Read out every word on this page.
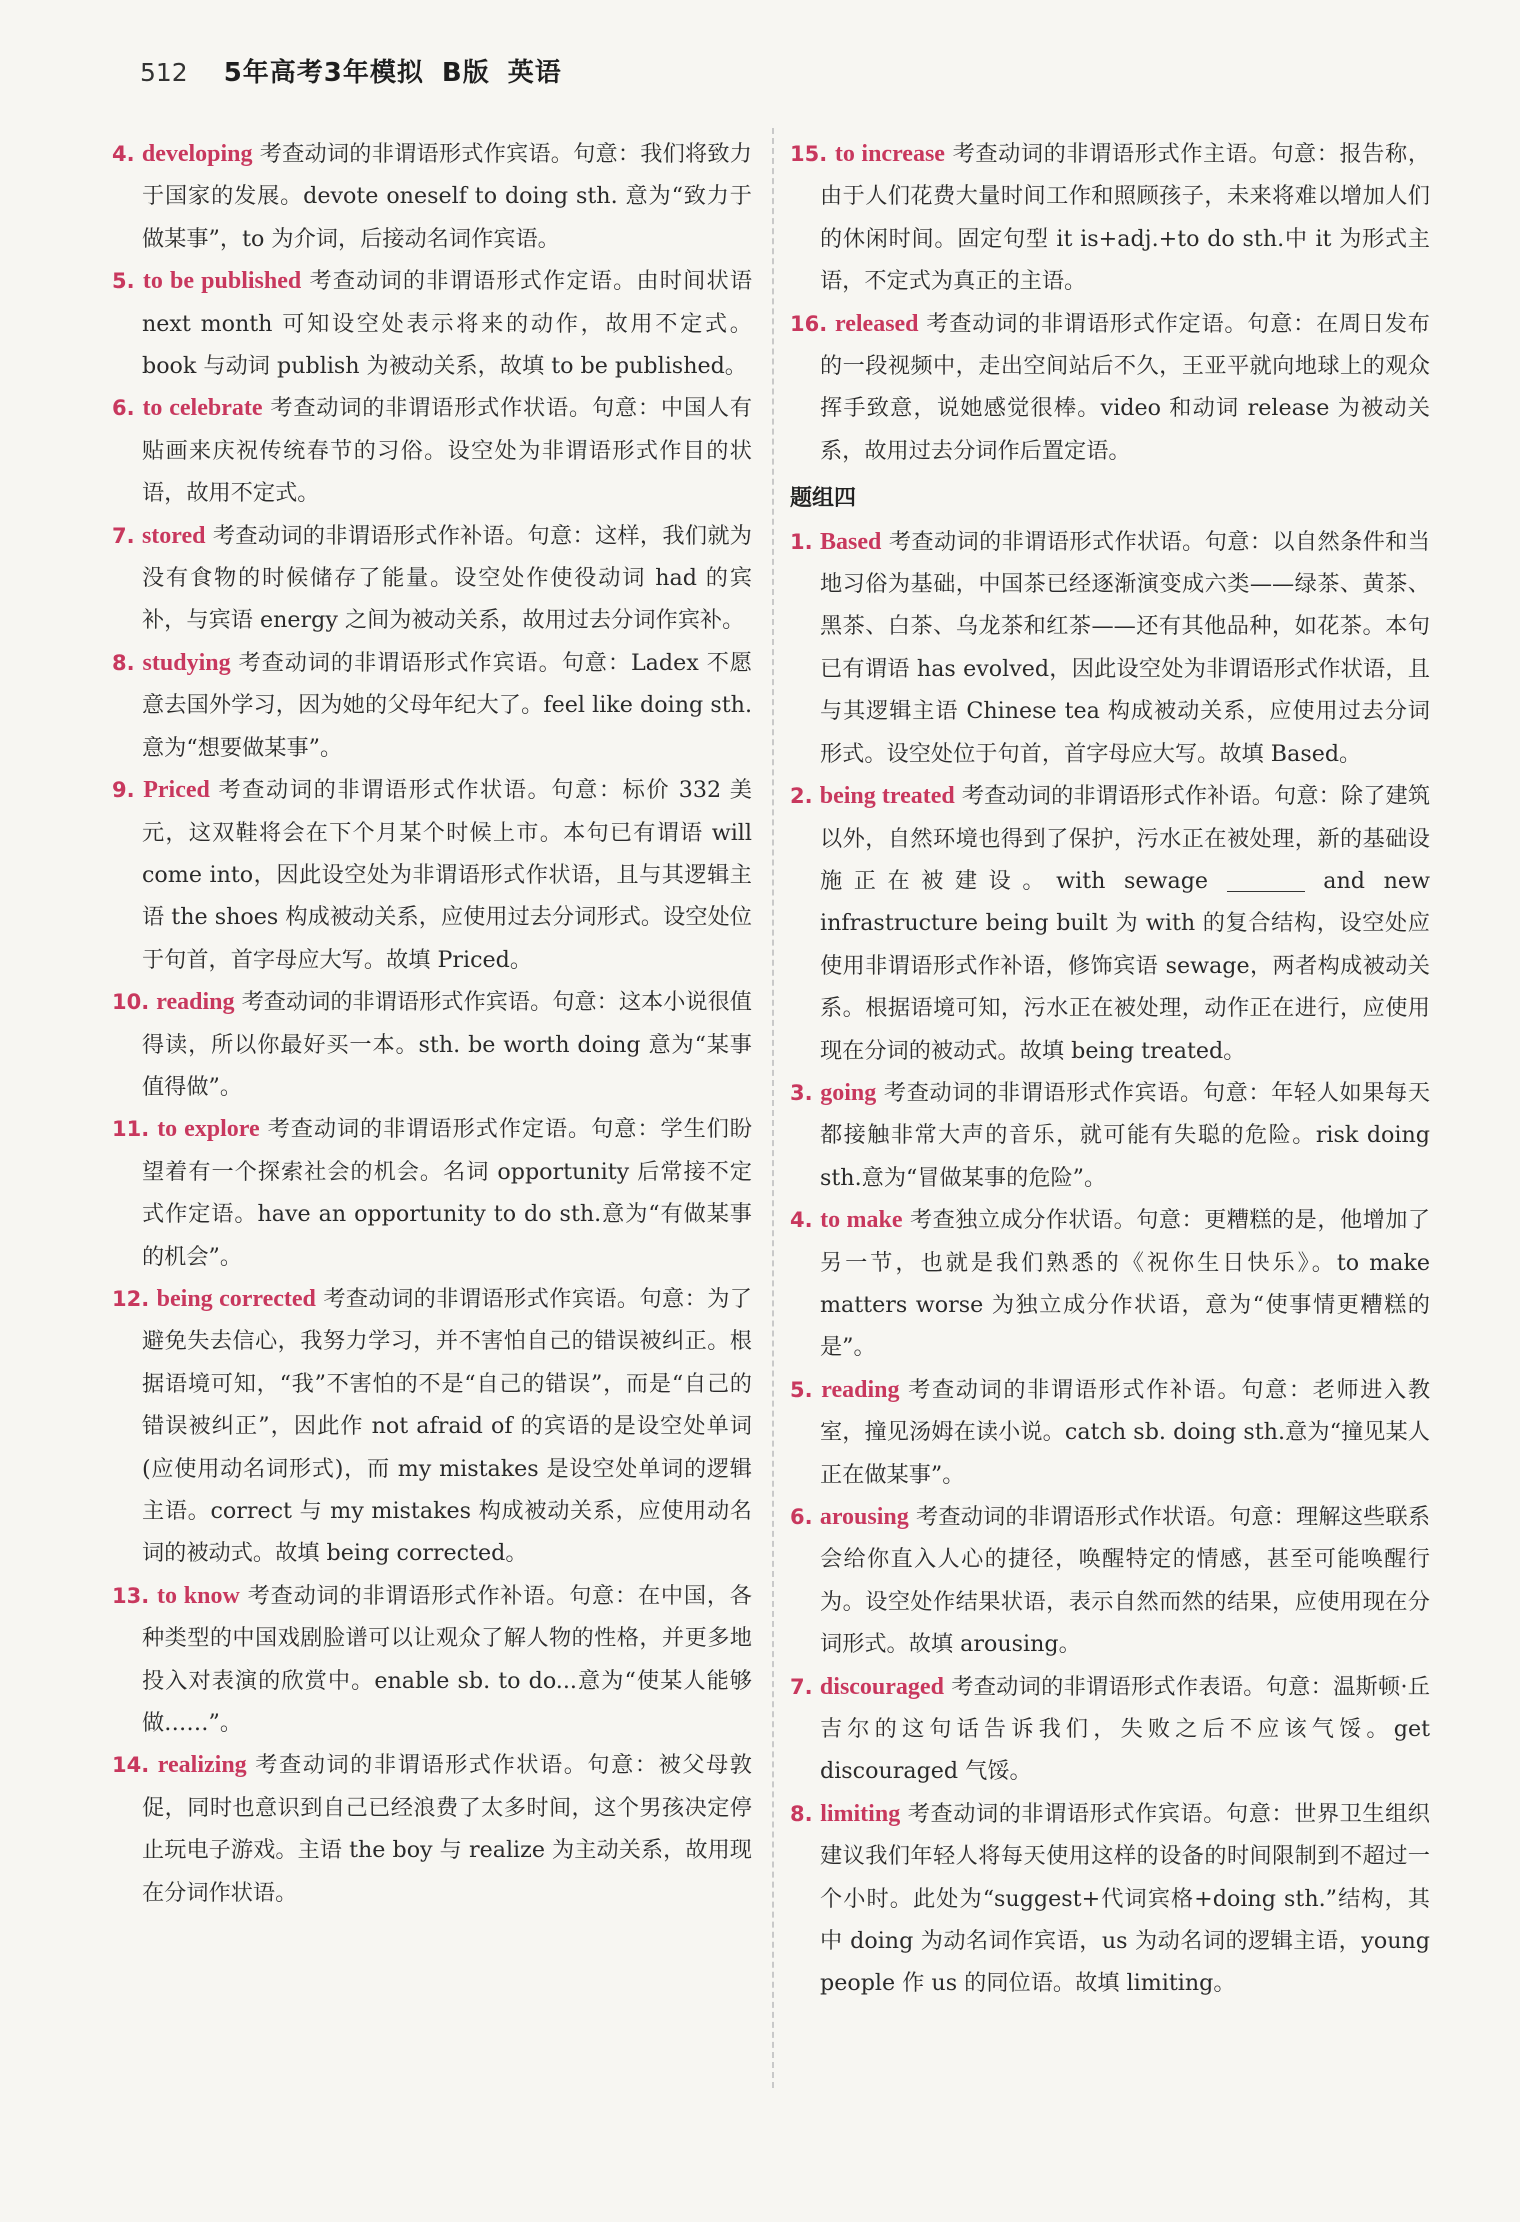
512 5年高考3年模拟 B版 英语

4. developing 考查动词的非谓语形式作宾语。句意：我们将致力于国家的发展。devote oneself to doing sth. 意为“致力于做某事”，to 为介词，后接动名词作宾语。

5. to be published 考查动词的非谓语形式作定语。由时间状语 next month 可知设空处表示将来的动作，故用不定式。book 与动词 publish 为被动关系，故填 to be published。

6. to celebrate 考查动词的非谓语形式作状语。句意：中国人有贴画来庆祝传统春节的习俗。设空处为非谓语形式作目的状语，故用不定式。

7. stored 考查动词的非谓语形式作补语。句意：这样，我们就为没有食物的时候储存了能量。设空处作使役动词 had 的宾补，与宾语 energy 之间为被动关系，故用过去分词作宾补。

8. studying 考查动词的非谓语形式作宾语。句意：Ladex 不愿意去国外学习，因为她的父母年纪大了。feel like doing sth.意为“想要做某事”。

9. Priced 考查动词的非谓语形式作状语。句意：标价 332 美元，这双鞋将会在下个月某个时候上市。本句已有谓语 will come into，因此设空处为非谓语形式作状语，且与其逻辑主语 the shoes 构成被动关系，应使用过去分词形式。设空处位于句首，首字母应大写。故填 Priced。

10. reading 考查动词的非谓语形式作宾语。句意：这本小说很值得读，所以你最好买一本。sth. be worth doing 意为“某事值得做”。

11. to explore 考查动词的非谓语形式作定语。句意：学生们盼望着有一个探索社会的机会。名词 opportunity 后常接不定式作定语。have an opportunity to do sth.意为“有做某事的机会”。

12. being corrected 考查动词的非谓语形式作宾语。句意：为了避免失去信心，我努力学习，并不害怕自己的错误被纠正。根据语境可知，“我”不害怕的不是“自己的错误”，而是“自己的错误被纠正”，因此作 not afraid of 的宾语的是设空处单词(应使用动名词形式)，而 my mistakes 是设空处单词的逻辑主语。correct 与 my mistakes 构成被动关系，应使用动名词的被动式。故填 being corrected。

13. to know 考查动词的非谓语形式作补语。句意：在中国，各种类型的中国戏剧脸谱可以让观众了解人物的性格，并更多地投入对表演的欣赏中。enable sb. to do...意为“使某人能够做……”。

14. realizing 考查动词的非谓语形式作状语。句意：被父母敦促，同时也意识到自己已经浪费了太多时间，这个男孩决定停止玩电子游戏。主语 the boy 与 realize 为主动关系，故用现在分词作状语。

15. to increase 考查动词的非谓语形式作主语。句意：报告称，由于人们花费大量时间工作和照顾孩子，未来将难以增加人们的休闲时间。固定句型 it is+adj.+to do sth.中 it 为形式主语，不定式为真正的主语。

16. released 考查动词的非谓语形式作定语。句意：在周日发布的一段视频中，走出空间站后不久，王亚平就向地球上的观众挥手致意，说她感觉很棒。video 和动词 release 为被动关系，故用过去分词作后置定语。

题组四

1. Based 考查动词的非谓语形式作状语。句意：以自然条件和当地习俗为基础，中国茶已经逐渐演变成六类——绿茶、黄茶、黑茶、白茶、乌龙茶和红茶——还有其他品种，如花茶。本句已有谓语 has evolved，因此设空处为非谓语形式作状语，且与其逻辑主语 Chinese tea 构成被动关系，应使用过去分词形式。设空处位于句首，首字母应大写。故填 Based。

2. being treated 考查动词的非谓语形式作补语。句意：除了建筑以外，自然环境也得到了保护，污水正在被处理，新的基础设施正在被建设。with sewage	and new infrastructure being built 为 with 的复合结构，设空处应使用非谓语形式作补语，修饰宾语 sewage，两者构成被动关系。根据语境可知，污水正在被处理，动作正在进行，应使用现在分词的被动式。故填 being treated。

3. going 考查动词的非谓语形式作宾语。句意：年轻人如果每天都接触非常大声的音乐，就可能有失聪的危险。risk doing sth.意为“冒做某事的危险”。

4. to make 考查独立成分作状语。句意：更糟糕的是，他增加了另一节，也就是我们熟悉的《祝你生日快乐》。to make matters worse 为独立成分作状语，意为“使事情更糟糕的是”。

5. reading 考查动词的非谓语形式作补语。句意：老师进入教室，撞见汤姆在读小说。catch sb. doing sth.意为“撞见某人正在做某事”。

6. arousing 考查动词的非谓语形式作状语。句意：理解这些联系会给你直入人心的捷径，唤醒特定的情感，甚至可能唤醒行为。设空处作结果状语，表示自然而然的结果，应使用现在分词形式。故填 arousing。

7. discouraged 考查动词的非谓语形式作表语。句意：温斯顿·丘吉尔的这句话告诉我们，失败之后不应该气馁。get discouraged 气馁。

8. limiting 考查动词的非谓语形式作宾语。句意：世界卫生组织建议我们年轻人将每天使用这样的设备的时间限制到不超过一个小时。此处为“suggest+代词宾格+doing sth.”结构，其中 doing 为动名词作宾语，us 为动名词的逻辑主语，young people 作 us 的同位语。故填 limiting。
